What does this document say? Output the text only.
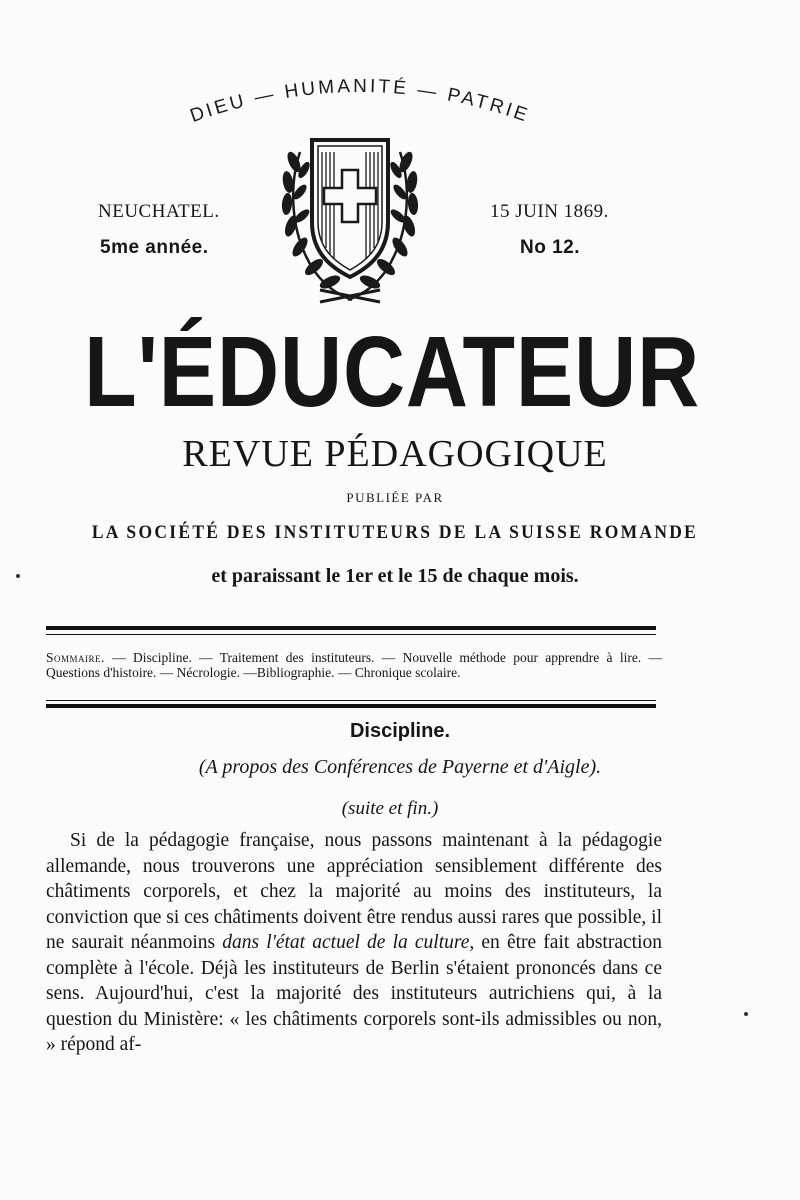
DIEU — HUMANITÉ — PATRIE
NEUCHATEL.
5me année.
15 JUIN 1869.
No 12.
L'ÉDUCATEUR
REVUE PÉDAGOGIQUE
PUBLIÉE PAR
LA SOCIÉTÉ DES INSTITUTEURS DE LA SUISSE ROMANDE
et paraissant le 1er et le 15 de chaque mois.
Sommaire. — Discipline. — Traitement des instituteurs. — Nouvelle méthode pour apprendre à lire. — Questions d'histoire. — Nécrologie. —Bibliographie. — Chronique scolaire.
Discipline.
(A propos des Conférences de Payerne et d'Aigle).
(suite et fin.)

Si de la pédagogie française, nous passons maintenant à la pédagogie allemande, nous trouverons une appréciation sensiblement différente des châtiments corporels, et chez la majorité au moins des instituteurs, la conviction que si ces châtiments doivent être rendus aussi rares que possible, il ne saurait néanmoins dans l'état actuel de la culture, en être fait abstraction complète à l'école. Déjà les instituteurs de Berlin s'étaient prononcés dans ce sens. Aujourd'hui, c'est la majorité des instituteurs autrichiens qui, à la question du Ministère: « les châtiments corporels sont-ils admissibles ou non, » répond af-
